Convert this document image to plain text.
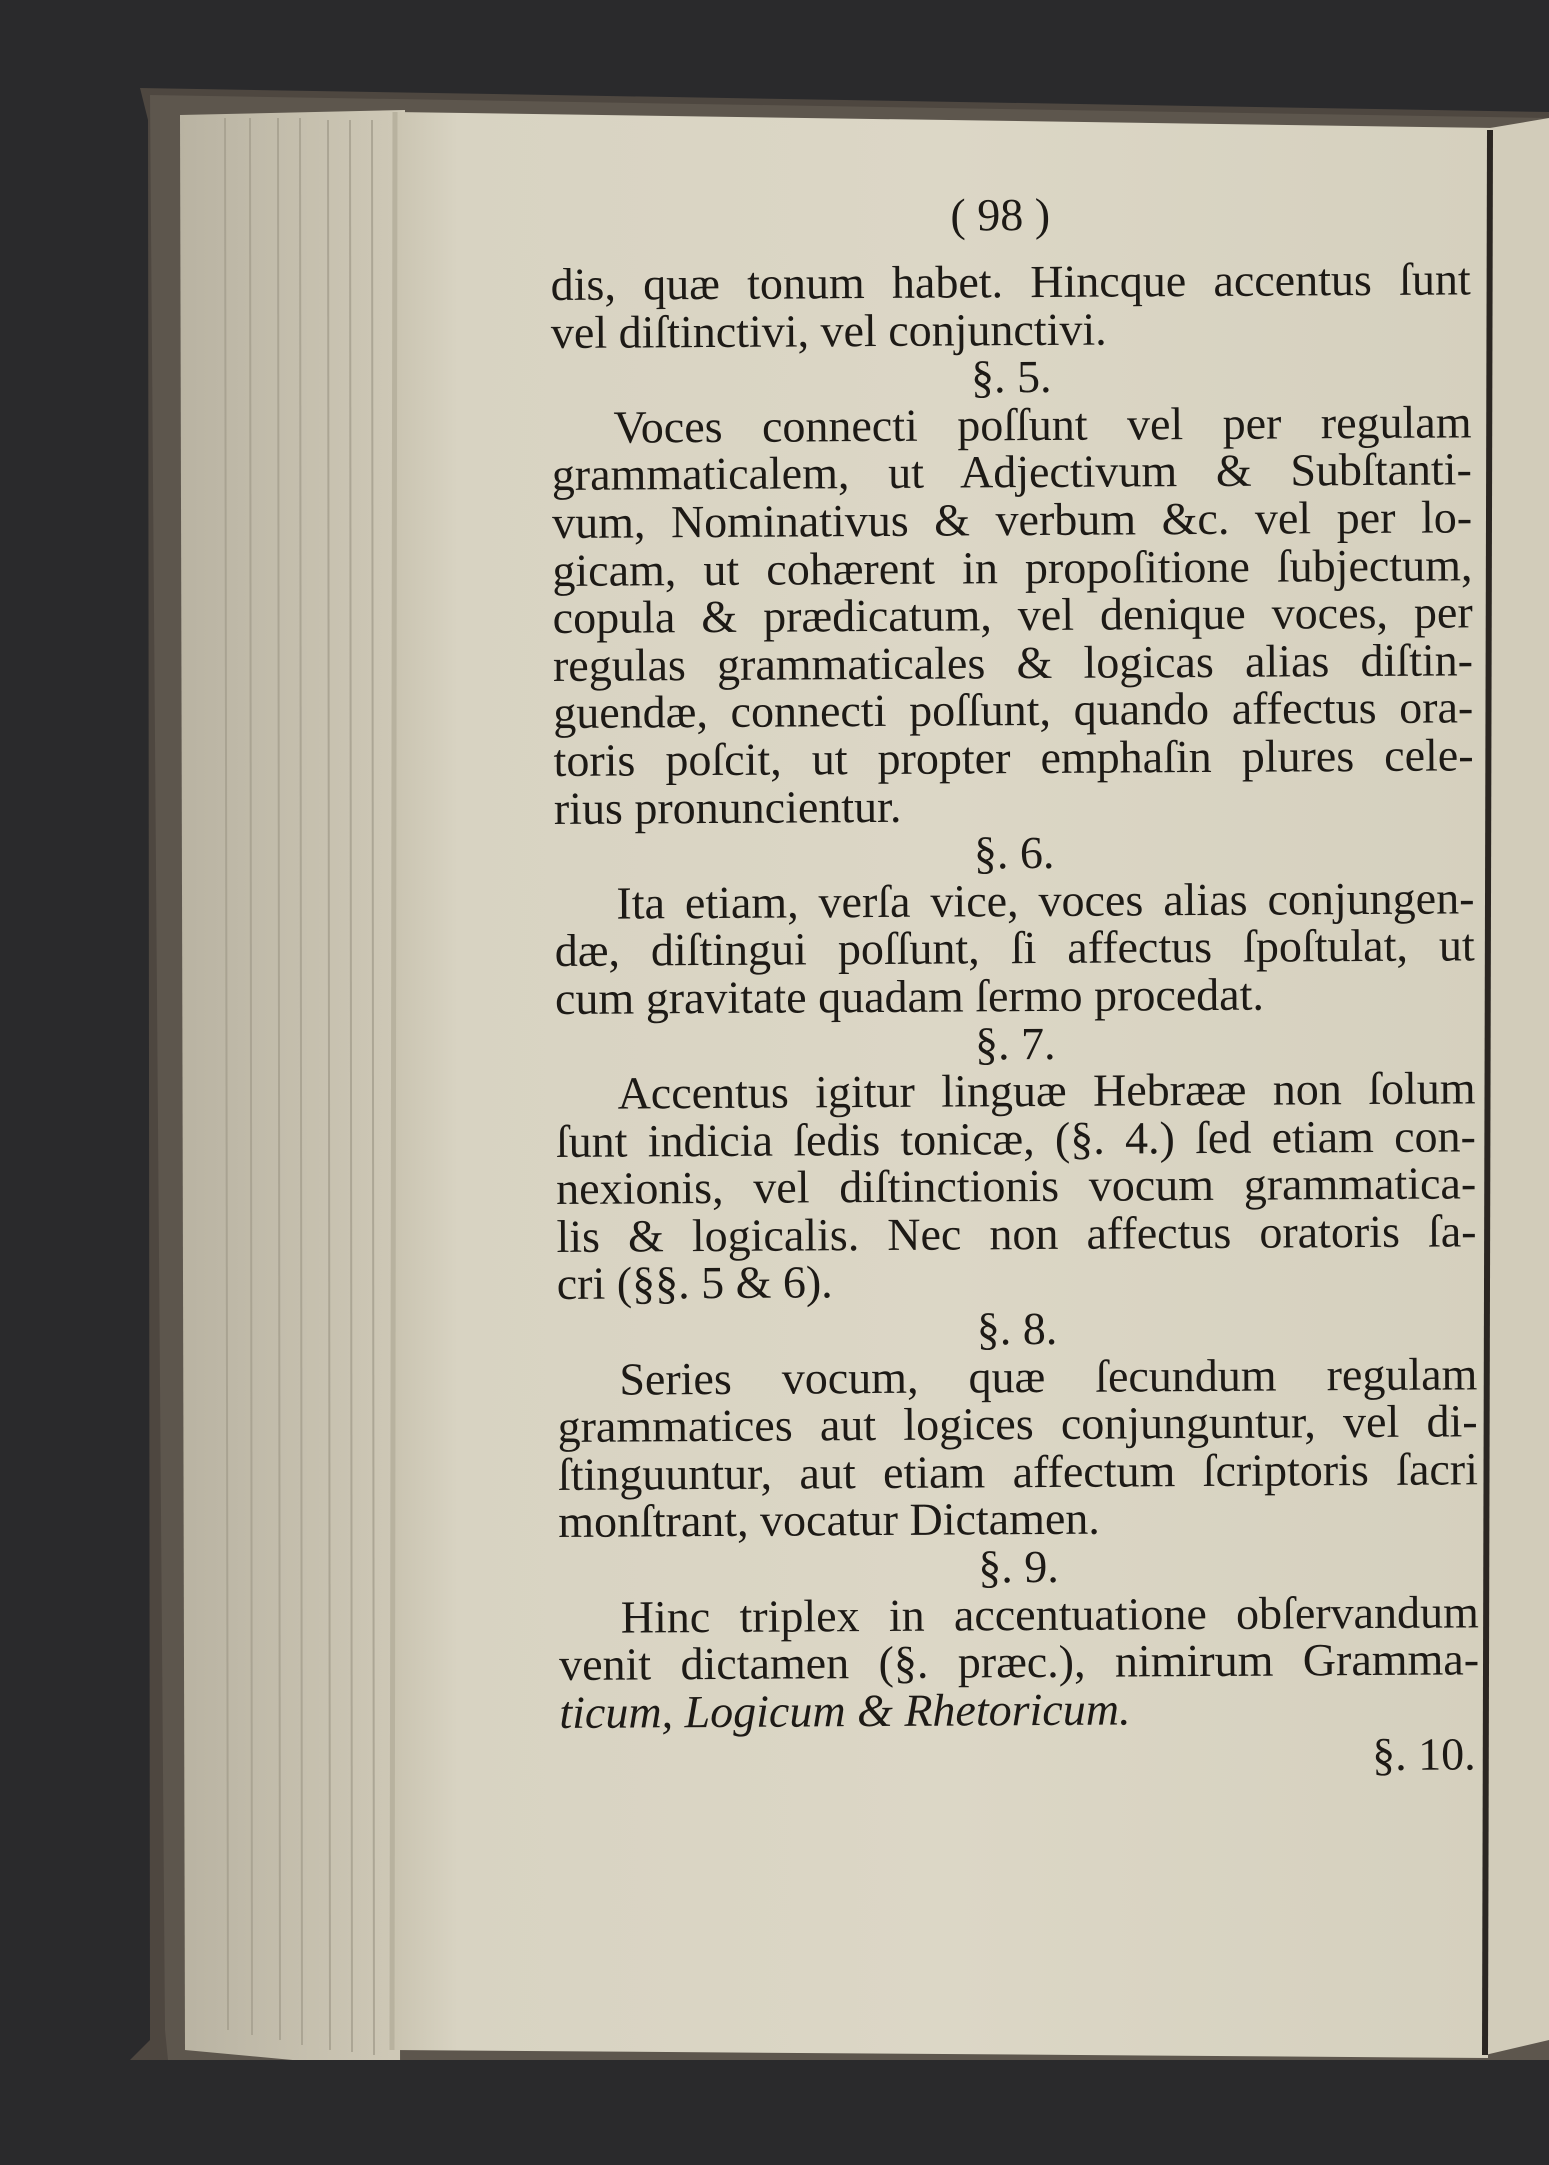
( 98 )
dis, quæ tonum habet. Hincque accentus ſunt
vel diſtinctivi, vel conjunctivi.
§. 5.
Voces connecti poſſunt vel per regulam
grammaticalem, ut Adjectivum & Subſtanti-
vum, Nominativus & verbum &c. vel per lo-
gicam, ut cohærent in propoſitione ſubjectum,
copula & prædicatum, vel denique voces, per
regulas grammaticales & logicas alias diſtin-
guendæ, connecti poſſunt, quando affectus ora-
toris poſcit, ut propter emphaſin plures cele-
rius pronuncientur.
§. 6.
Ita etiam, verſa vice, voces alias conjungen-
dæ, diſtingui poſſunt, ſi affectus ſpoſtulat, ut
cum gravitate quadam ſermo procedat.
§. 7.
Accentus igitur linguæ Hebrææ non ſolum
ſunt indicia ſedis tonicæ, (§. 4.) ſed etiam con-
nexionis, vel diſtinctionis vocum grammatica-
lis & logicalis. Nec non affectus oratoris ſa-
cri (§§. 5 & 6).
§. 8.
Series vocum, quæ ſecundum regulam
grammatices aut logices conjunguntur, vel di-
ſtinguuntur, aut etiam affectum ſcriptoris ſacri
monſtrant, vocatur Dictamen.
§. 9.
Hinc triplex in accentuatione obſervandum
venit dictamen (§. præc.), nimirum Gramma-
ticum, Logicum & Rhetoricum.
§. 10.
